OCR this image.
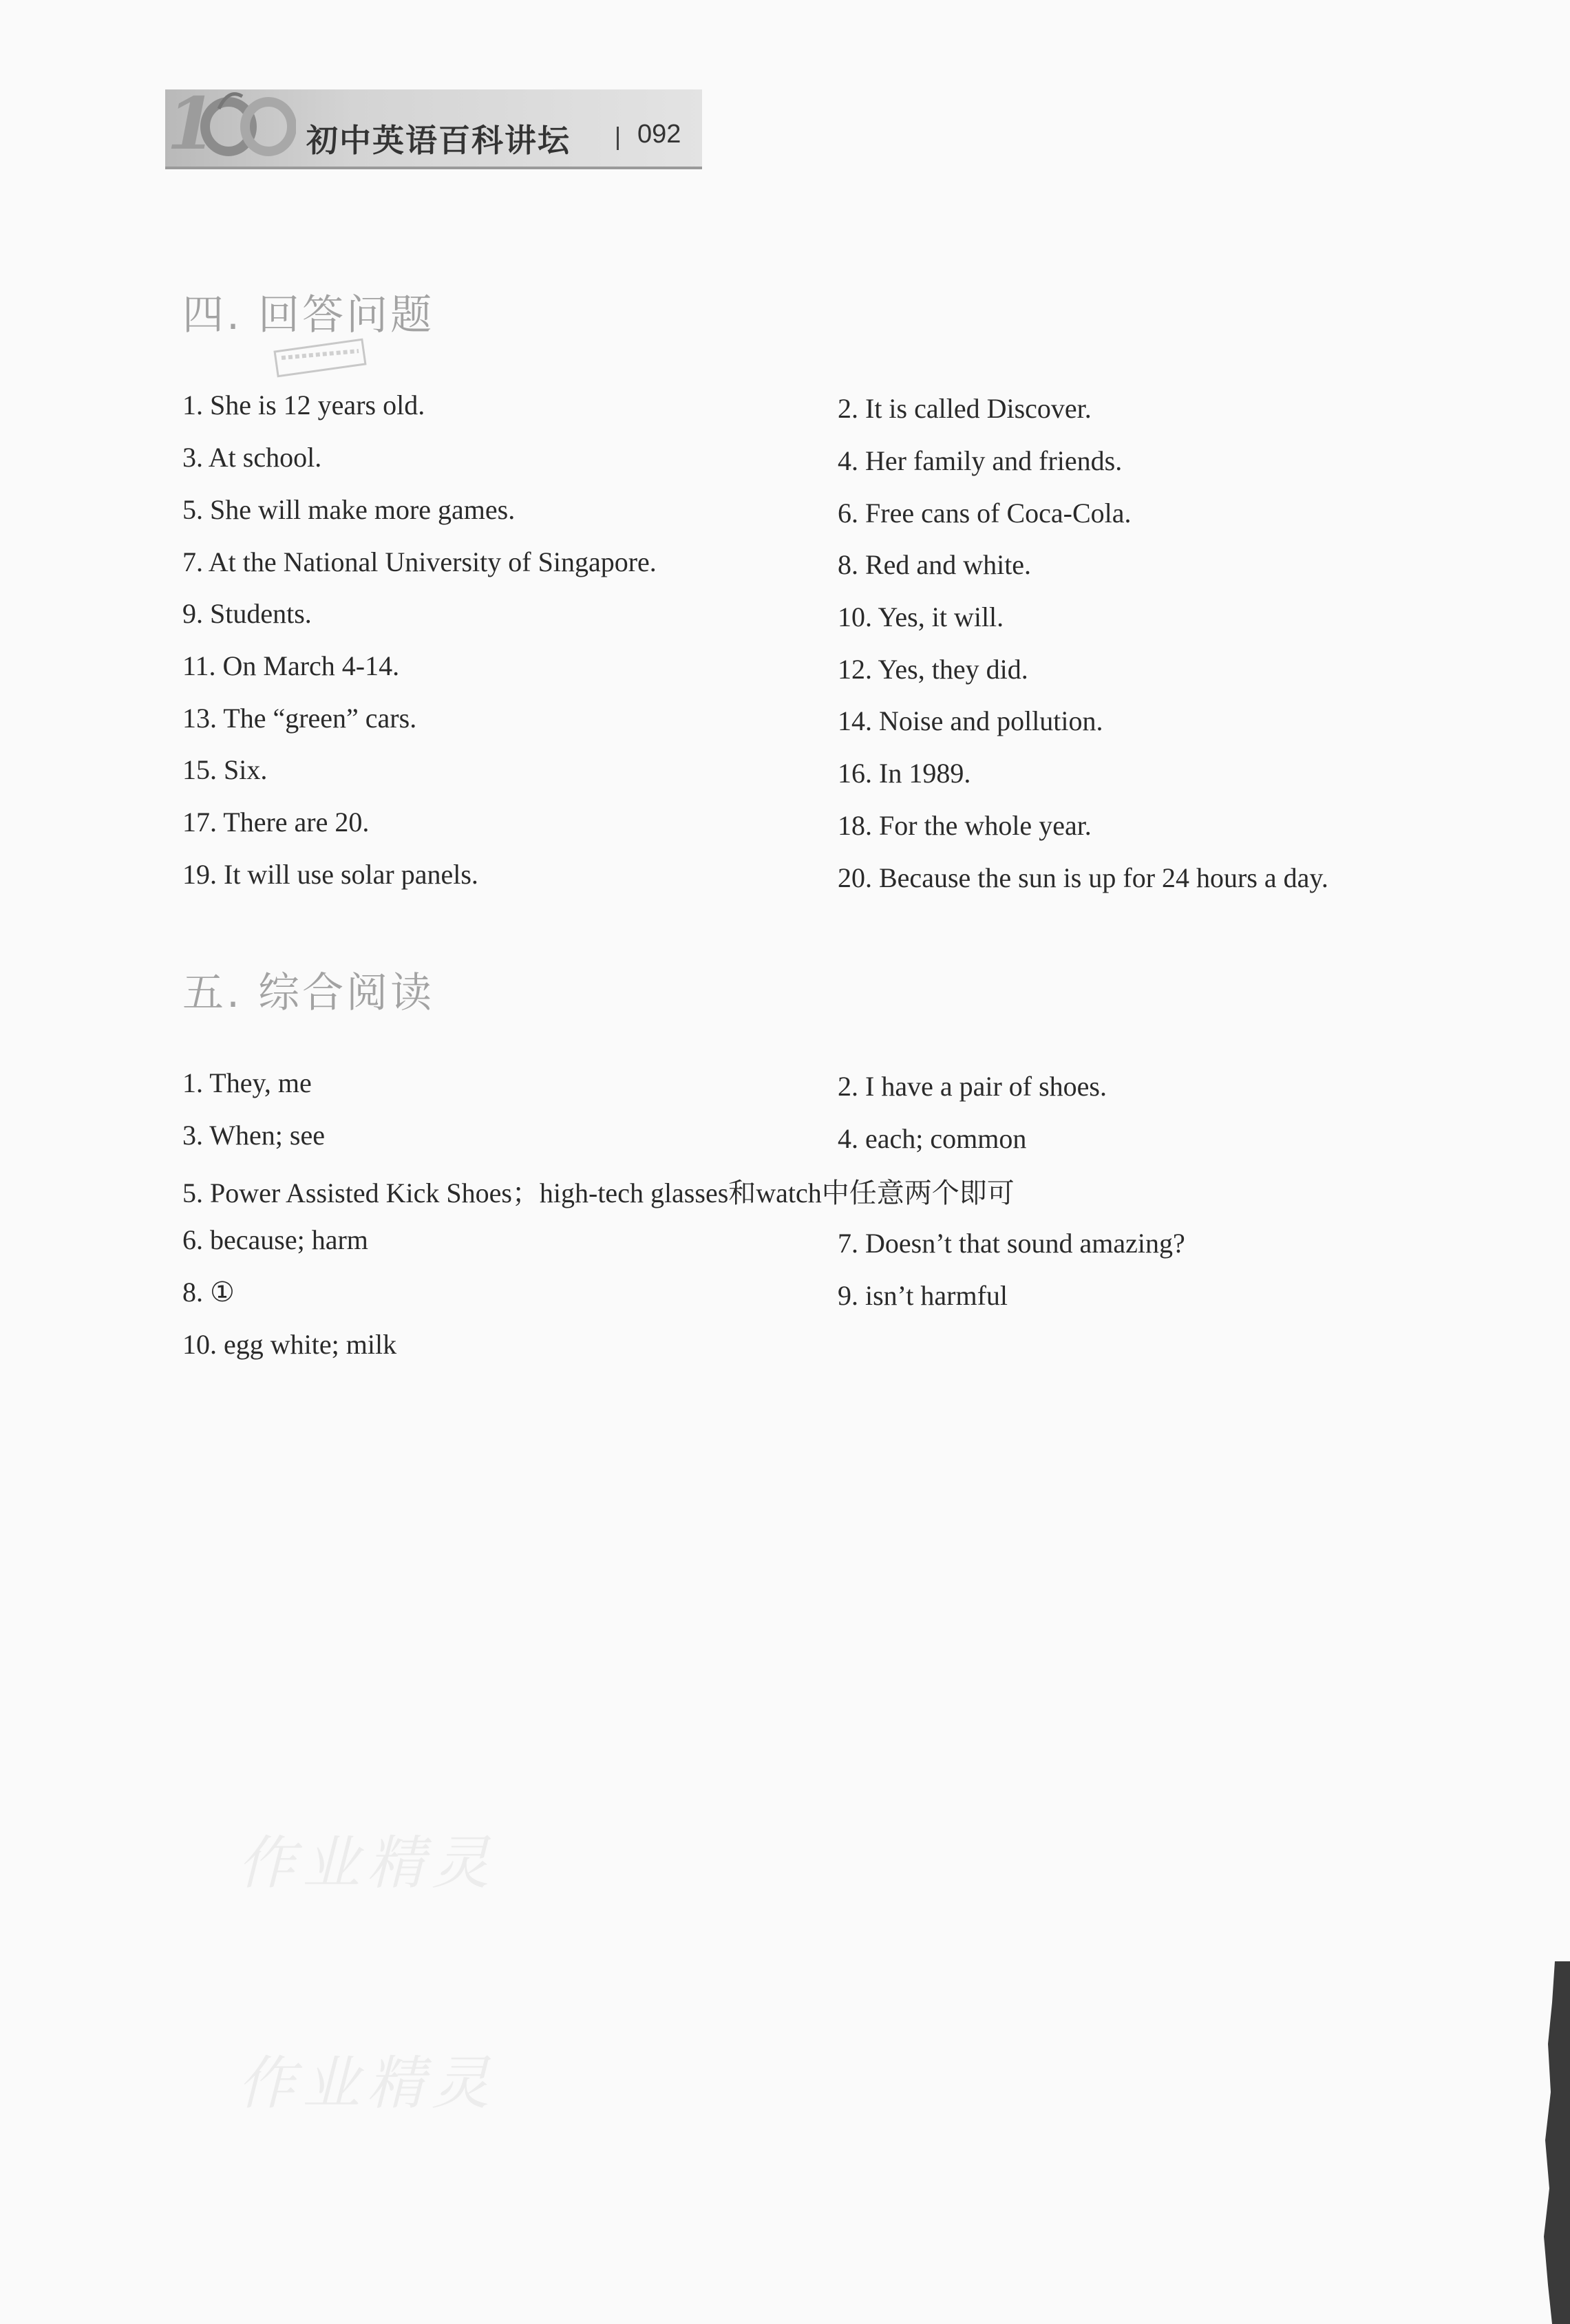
1	初中英语百科讲坛	092
四. 回答问题
1. She is 12 years old.	2. It is called Discover.
3. At school.	4. Her family and friends.
5. She will make more games.	6. Free cans of Coca-Cola.
7. At the National University of Singapore.	8. Red and white.
9. Students.	10. Yes, it will.
11. On March 4-14.	12. Yes, they did.
13. The “green” cars.	14. Noise and pollution.
15. Six.	16. In 1989.
17. There are 20.	18. For the whole year.
19. It will use solar panels.	20. Because the sun is up for 24 hours a day.
五. 综合阅读
1. They, me	2. I have a pair of shoes.
3. When; see	4. each; common
5. Power Assisted Kick Shoes；high-tech glasses和watch中任意两个即可
6. because; harm	7. Doesn’t that sound amazing?
8. ①	9. isn’t harmful
10. egg white; milk
作业精灵
作业精灵
